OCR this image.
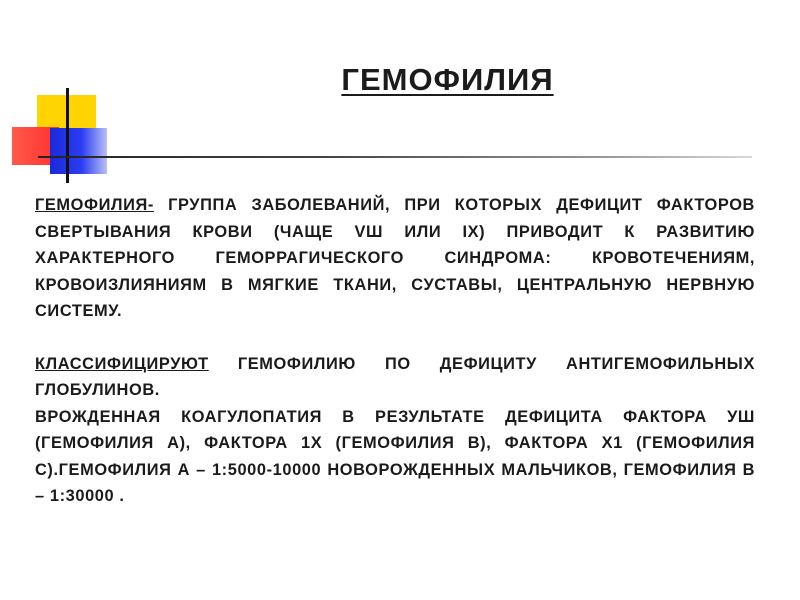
ГЕМОФИЛИЯ

ГЕМОФИЛИЯ- ГРУППА ЗАБОЛЕВАНИЙ, ПРИ КОТОРЫХ ДЕФИЦИТ ФАКТОРОВ СВЕРТЫВАНИЯ КРОВИ (ЧАЩЕ VШ ИЛИ IX) ПРИВОДИТ К РАЗВИТИЮ ХАРАКТЕРНОГО ГЕМОРРАГИЧЕСКОГО СИНДРОМА: КРОВОТЕЧЕНИЯМ, КРОВОИЗЛИЯНИЯМ В МЯГКИЕ ТКАНИ, СУСТАВЫ, ЦЕНТРАЛЬНУЮ НЕРВНУЮ СИСТЕМУ.

КЛАССИФИЦИРУЮТ ГЕМОФИЛИЮ ПО ДЕФИЦИТУ АНТИГЕМОФИЛЬНЫХ ГЛОБУЛИНОВ.

ВРОЖДЕННАЯ КОАГУЛОПАТИЯ В РЕЗУЛЬТАТЕ ДЕФИЦИТА ФАКТОРА УШ (ГЕМОФИЛИЯ А), ФАКТОРА 1Х (ГЕМОФИЛИЯ В), ФАКТОРА Х1 (ГЕМОФИЛИЯ С).ГЕМОФИЛИЯ А – 1:5000-10000 НОВОРОЖДЕННЫХ МАЛЬЧИКОВ, ГЕМОФИЛИЯ В – 1:30000 .
